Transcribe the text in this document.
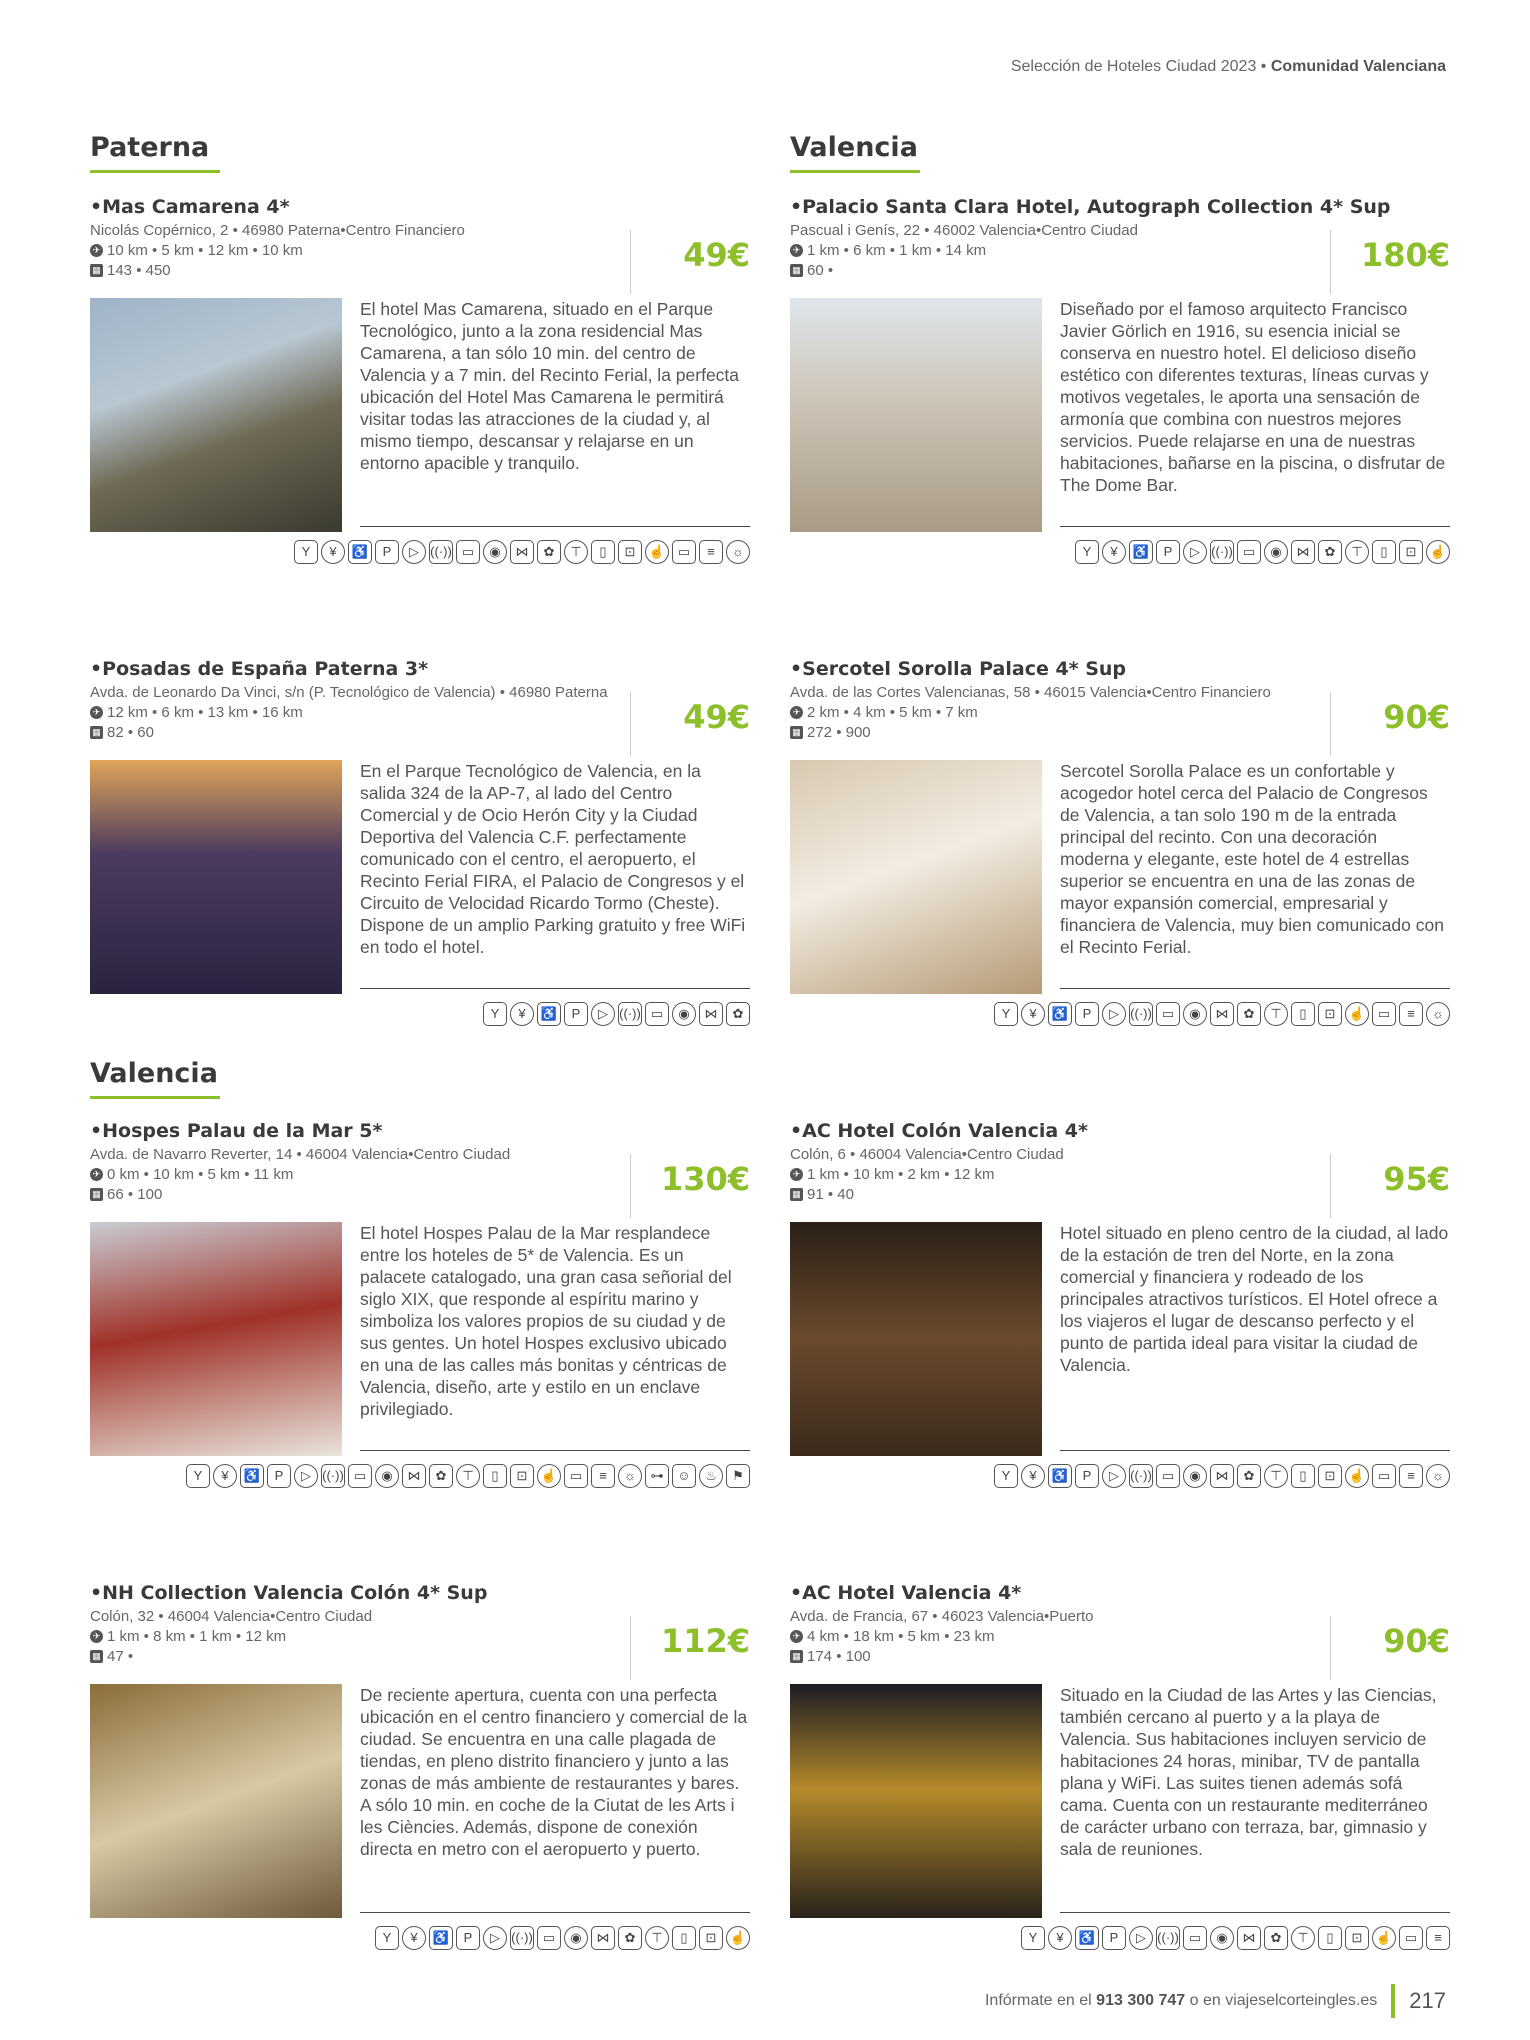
Selección de Hoteles Ciudad 2023 • Comunidad Valenciana
Paterna	Valencia
Valencia
•Mas Camarena 4*
Nicolás Copérnico, 2 • 46980 Paterna•Centro Financiero
✈ 10 km • 5 km • 12 km • 10 km
▦ 143 • 450	49€
El hotel Mas Camarena, situado en el Parque Tecnológico, junto a la zona residencial Mas Camarena, a tan sólo 10 min. del centro de Valencia y a 7 min. del Recinto Ferial, la perfecta ubicación del Hotel Mas Camarena le permitirá visitar todas las atracciones de la ciudad y, al mismo tiempo, descansar y relajarse en un entorno apacible y tranquilo.
Y	¥	♿	P	▷ ((·)) ▭	◉	⋈	✿	⊤	▯	⊡	☝ ▭	≡	☼
•Palacio Santa Clara Hotel, Autograph Collection 4* Sup
Pascual i Genís, 22 • 46002 Valencia•Centro Ciudad
✈ 1 km • 6 km • 1 km • 14 km
▦ 60 •	180€
Diseñado por el famoso arquitecto Francisco Javier Görlich en 1916, su esencia inicial se conserva en nuestro hotel. El delicioso diseño estético con diferentes texturas, líneas curvas y motivos vegetales, le aporta una sensación de armonía que combina con nuestros mejores servicios. Puede relajarse en una de nuestras habitaciones, bañarse en la piscina, o disfrutar de The Dome Bar.
Y	¥	♿	P	▷ ((·)) ▭	◉	⋈	✿	⊤	▯	⊡	☝
•Posadas de España Paterna 3*
Avda. de Leonardo Da Vinci, s/n (P. Tecnológico de Valencia) • 46980 Paterna
✈ 12 km • 6 km • 13 km • 16 km
▦ 82 • 60	49€
En el Parque Tecnológico de Valencia, en la salida 324 de la AP-7, al lado del Centro Comercial y de Ocio Herón City y la Ciudad Deportiva del Valencia C.F. perfectamente comunicado con el centro, el aeropuerto, el Recinto Ferial FIRA, el Palacio de Congresos y el Circuito de Velocidad Ricardo Tormo (Cheste). Dispone de un amplio Parking gratuito y free WiFi en todo el hotel.
Y	¥	♿	P	▷ ((·)) ▭	◉	⋈	✿
•Sercotel Sorolla Palace 4* Sup
Avda. de las Cortes Valencianas, 58 • 46015 Valencia•Centro Financiero
✈ 2 km • 4 km • 5 km • 7 km
▦ 272 • 900	90€
Sercotel Sorolla Palace es un confortable y acogedor hotel cerca del Palacio de Congresos de Valencia, a tan solo 190 m de la entrada principal del recinto. Con una decoración moderna y elegante, este hotel de 4 estrellas superior se encuentra en una de las zonas de mayor expansión comercial, empresarial y financiera de Valencia, muy bien comunicado con el Recinto Ferial.
Y	¥	♿	P	▷ ((·)) ▭	◉	⋈	✿	⊤	▯	⊡	☝ ▭	≡	☼
•Hospes Palau de la Mar 5*
Avda. de Navarro Reverter, 14 • 46004 Valencia•Centro Ciudad
✈ 0 km • 10 km • 5 km • 11 km
▦ 66 • 100	130€
El hotel Hospes Palau de la Mar resplandece entre los hoteles de 5* de Valencia. Es un palacete catalogado, una gran casa señorial del siglo XIX, que responde al espíritu marino y simboliza los valores propios de su ciudad y de sus gentes. Un hotel Hospes exclusivo ubicado en una de las calles más bonitas y céntricas de Valencia, diseño, arte y estilo en un enclave privilegiado.
Y	¥	♿	P	▷ ((·)) ▭	◉	⋈	✿	⊤	▯	⊡	☝ ▭	≡	☼	⊶	☺	♨	⚑
•AC Hotel Colón Valencia 4*
Colón, 6 • 46004 Valencia•Centro Ciudad
✈ 1 km • 10 km • 2 km • 12 km
▦ 91 • 40	95€
Hotel situado en pleno centro de la ciudad, al lado de la estación de tren del Norte, en la zona comercial y financiera y rodeado de los principales atractivos turísticos. El Hotel ofrece a los viajeros el lugar de descanso perfecto y el punto de partida ideal para visitar la ciudad de Valencia.
Y	¥	♿	P	▷ ((·)) ▭	◉	⋈	✿	⊤	▯	⊡	☝ ▭	≡	☼
•NH Collection Valencia Colón 4* Sup
Colón, 32 • 46004 Valencia•Centro Ciudad
✈ 1 km • 8 km • 1 km • 12 km
▦ 47 •	112€
De reciente apertura, cuenta con una perfecta ubicación en el centro financiero y comercial de la ciudad. Se encuentra en una calle plagada de tiendas, en pleno distrito financiero y junto a las zonas de más ambiente de restaurantes y bares. A sólo 10 min. en coche de la Ciutat de les Arts i les Ciències. Además, dispone de conexión directa en metro con el aeropuerto y puerto.
Y	¥	♿	P	▷ ((·)) ▭	◉	⋈	✿	⊤	▯	⊡	☝
•AC Hotel Valencia 4*
Avda. de Francia, 67 • 46023 Valencia•Puerto
✈ 4 km • 18 km • 5 km • 23 km
▦ 174 • 100	90€
Situado en la Ciudad de las Artes y las Ciencias, también cercano al puerto y a la playa de Valencia. Sus habitaciones incluyen servicio de habitaciones 24 horas, minibar, TV de pantalla plana y WiFi. Las suites tienen además sofá cama. Cuenta con un restaurante mediterráneo de carácter urbano con terraza, bar, gimnasio y sala de reuniones.
Y	¥	♿	P	▷ ((·)) ▭	◉	⋈	✿	⊤	▯	⊡	☝ ▭	≡
Infórmate en el 913 300 747 o en viajeselcorteingles.es 217
